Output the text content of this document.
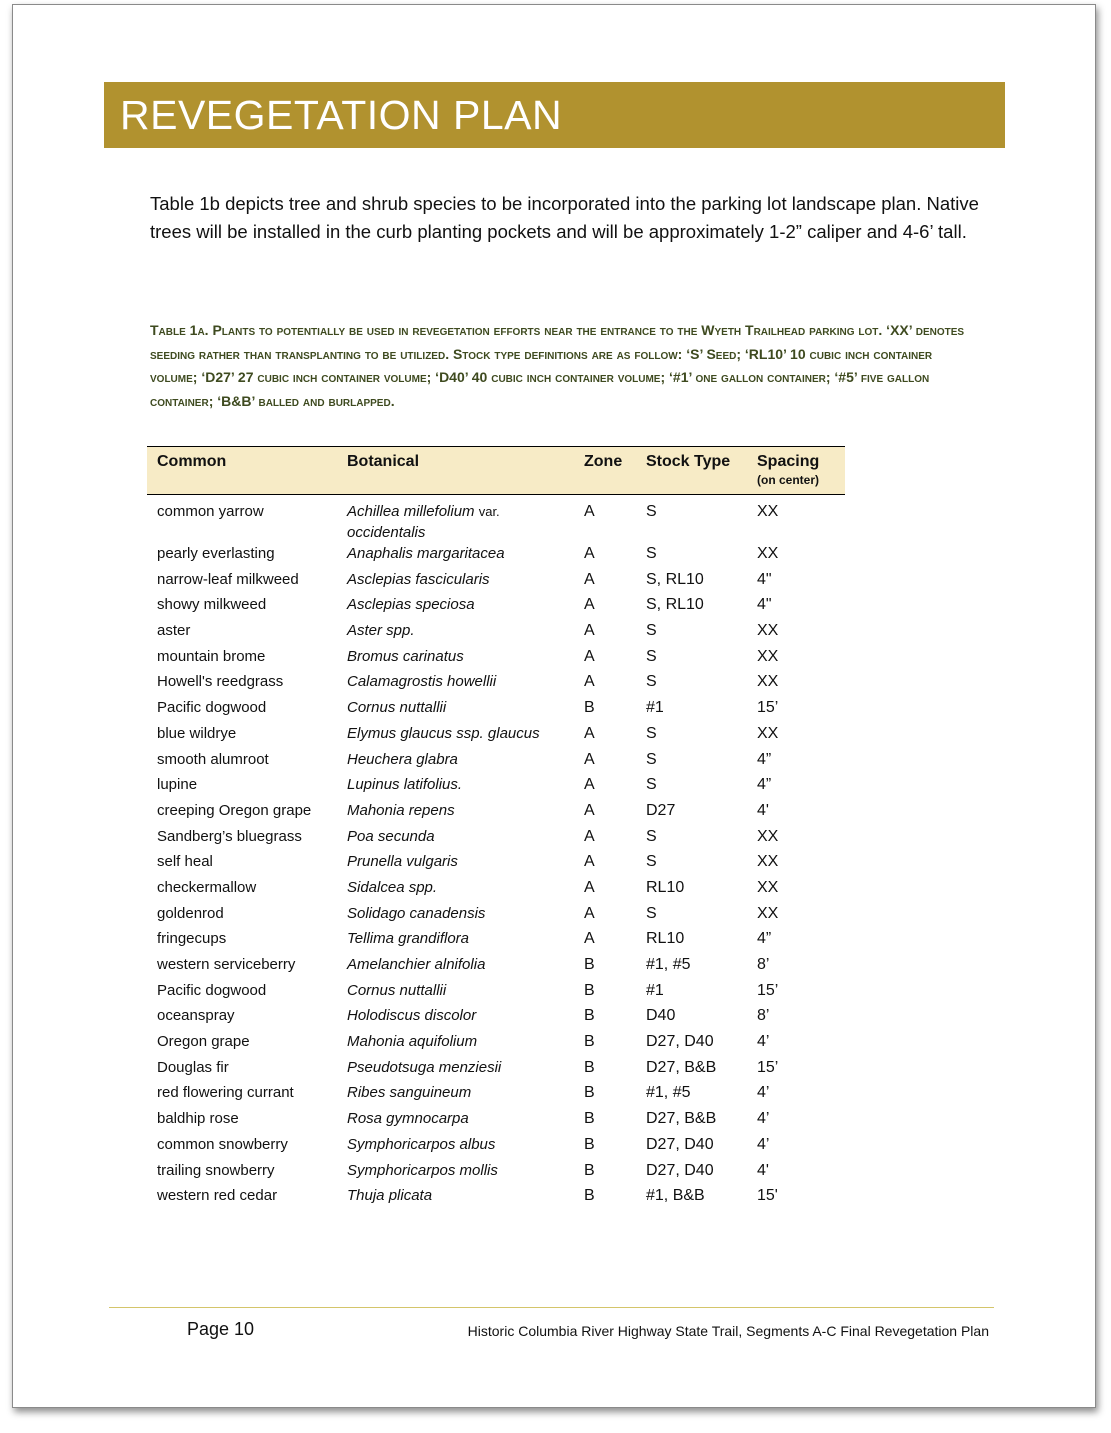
REVEGETATION PLAN

Table 1b depicts tree and shrub species to be incorporated into the parking lot landscape plan. Native trees will be installed in the curb planting pockets and will be approximately 1-2” caliper and 4-6’ tall.

Table 1a. Plants to potentially be used in revegetation efforts near the entrance to the Wyeth Trailhead parking lot. ‘XX’ denotes seeding rather than transplanting to be utilized. Stock type definitions are as follow: ‘S’ Seed; ‘RL10’ 10 cubic inch container volume; ‘D27’ 27 cubic inch container volume; ‘D40’ 40 cubic inch container volume; ‘#1’ one gallon container; ‘#5’ five gallon container; ‘B&B’ balled and burlapped.
Common	Botanical	Zone	Stock Type	Spacing
(on center)

common yarrow	Achillea millefolium var.
occidentalis	A	S	XX
pearly everlasting	Anaphalis margaritacea	A	S	XX
narrow-leaf milkweed	Asclepias fascicularis	A	S, RL10	4"
showy milkweed	Asclepias speciosa	A	S, RL10	4"
aster	Aster spp.	A	S	XX
mountain brome	Bromus carinatus	A	S	XX
Howell's reedgrass	Calamagrostis howellii	A	S	XX
Pacific dogwood	Cornus nuttallii	B	#1	15’
blue wildrye	Elymus glaucus ssp. glaucus	A	S	XX
smooth alumroot	Heuchera glabra	A	S	4”
lupine	Lupinus latifolius.	A	S	4”
creeping Oregon grape	Mahonia repens	A	D27	4'
Sandberg’s bluegrass	Poa secunda	A	S	XX
self heal	Prunella vulgaris	A	S	XX
checkermallow	Sidalcea spp.	A	RL10	XX
goldenrod	Solidago canadensis	A	S	XX
fringecups	Tellima grandiflora	A	RL10	4”
western serviceberry	Amelanchier alnifolia	B	#1, #5	8’
Pacific dogwood	Cornus nuttallii	B	#1	15’
oceanspray	Holodiscus discolor	B	D40	8’
Oregon grape	Mahonia aquifolium	B	D27, D40	4’
Douglas fir	Pseudotsuga menziesii	B	D27, B&B	15’
red flowering currant	Ribes sanguineum	B	#1, #5	4’
baldhip rose	Rosa gymnocarpa	B	D27, B&B	4’
common snowberry	Symphoricarpos albus	B	D27, D40	4’
trailing snowberry	Symphoricarpos mollis	B	D27, D40	4'
western red cedar	Thuja plicata	B	#1, B&B	15'
Page 10	Historic Columbia River Highway State Trail, Segments A-C Final Revegetation Plan
